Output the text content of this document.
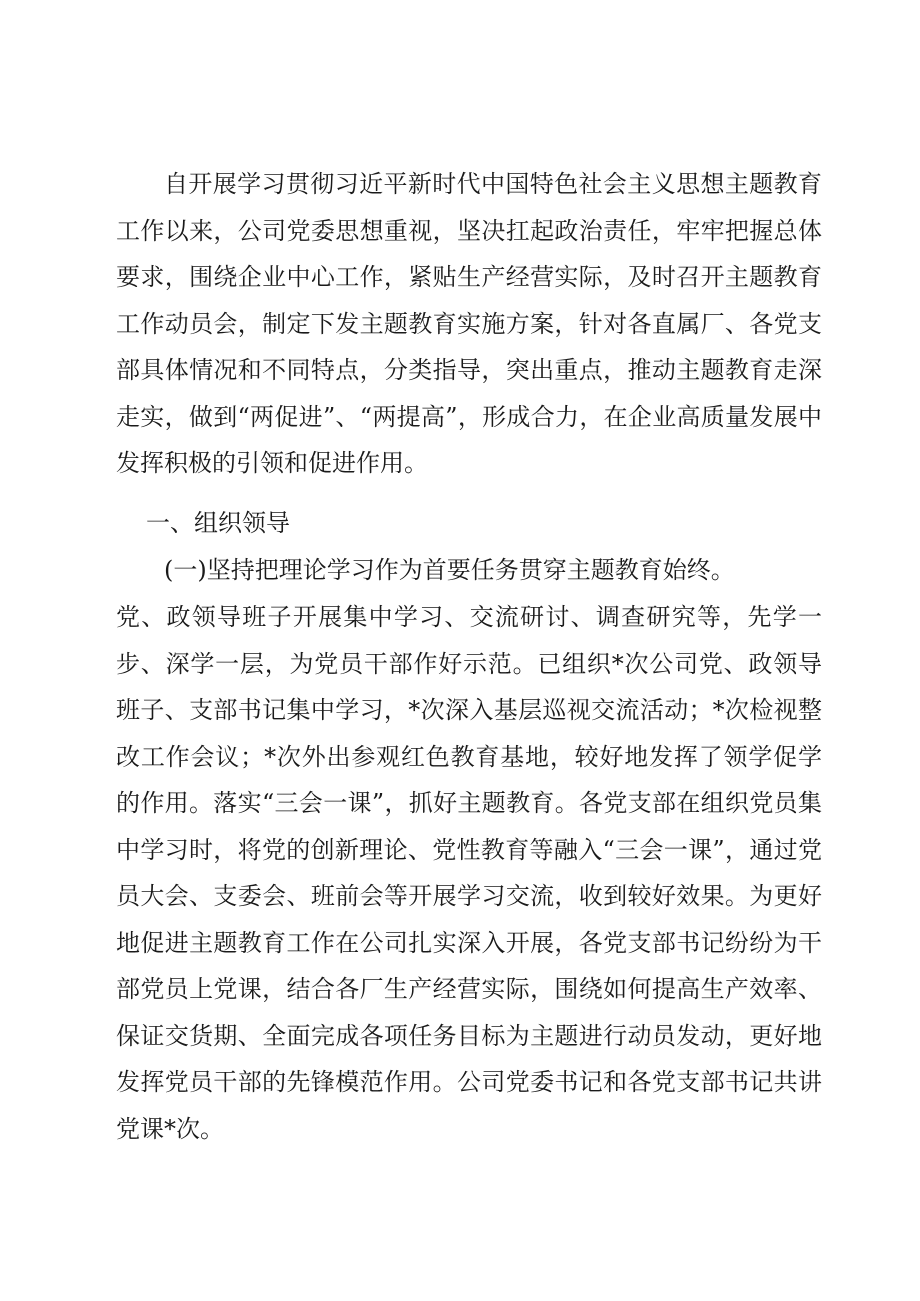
自开展学习贯彻习近平新时代中国特色社会主义思想主题教育工作以来，公司党委思想重视，坚决扛起政治责任，牢牢把握总体要求，围绕企业中心工作，紧贴生产经营实际，及时召开主题教育工作动员会，制定下发主题教育实施方案，针对各直属厂、各党支部具体情况和不同特点，分类指导，突出重点，推动主题教育走深走实，做到“两促进”、“两提高”，形成合力，在企业高质量发展中发挥积极的引领和促进作用。

一、组织领导

(一)坚持把理论学习作为首要任务贯穿主题教育始终。

党、政领导班子开展集中学习、交流研讨、调查研究等，先学一步、深学一层，为党员干部作好示范。已组织*次公司党、政领导班子、支部书记集中学习，*次深入基层巡视交流活动；*次检视整改工作会议；*次外出参观红色教育基地，较好地发挥了领学促学的作用。落实“三会一课”，抓好主题教育。各党支部在组织党员集中学习时，将党的创新理论、党性教育等融入“三会一课”，通过党员大会、支委会、班前会等开展学习交流，收到较好效果。为更好地促进主题教育工作在公司扎实深入开展，各党支部书记纷纷为干部党员上党课，结合各厂生产经营实际，围绕如何提高生产效率、保证交货期、全面完成各项任务目标为主题进行动员发动，更好地发挥党员干部的先锋模范作用。公司党委书记和各党支部书记共讲党课*次。
